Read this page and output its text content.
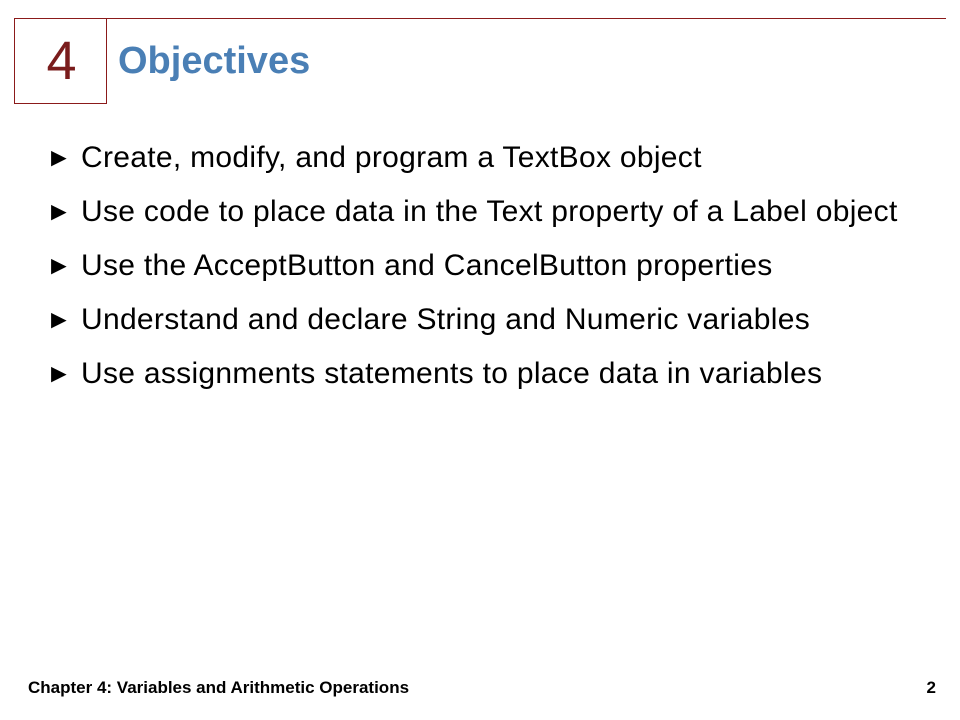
4	Objectives
► Create, modify, and program a TextBox object
► Use code to place data in the Text property of a Label object
► Use the AcceptButton and CancelButton properties
► Understand and declare String and Numeric variables
► Use assignments statements to place data in variables
Chapter 4: Variables and Arithmetic Operations	2
